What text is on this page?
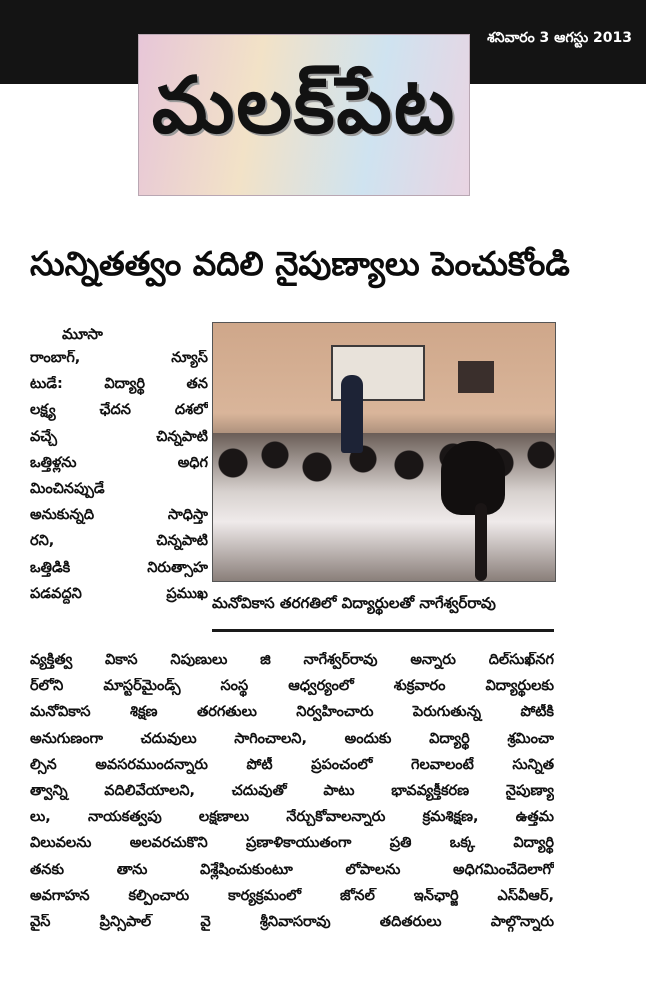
శనివారం 3 ఆగస్టు 2013
మలక్‌పేట
సున్నితత్వం వదిలి నైపుణ్యాలు పెంచుకోండి
మూసా
రాంబాగ్, న్యూస్
టుడే: విద్యార్థి తన
లక్ష్య ఛేదన దశలో
వచ్చే చిన్నపాటి
ఒత్తిళ్లను అధిగ
మించినప్పుడే
అనుకున్నది సాధిస్తా
రని, చిన్నపాటి
ఒత్తిడికి నిరుత్సాహ
పడవద్దని ప్రముఖ
మనోవికాస తరగతిలో విద్యార్థులతో నాగేశ్వర్‌రావు
వ్యక్తిత్వ వికాస నిపుణులు జి నాగేశ్వర్‌రావు అన్నారు దిల్‌సుఖ్‌నగ
ర్‌లోని మాస్టర్‌మైండ్స్ సంస్థ ఆధ్వర్యంలో శుక్రవారం విద్యార్థులకు
మనోవికాస శిక్షణ తరగతులు నిర్వహించారు పెరుగుతున్న పోటీకి
అనుగుణంగా చదువులు సాగించాలని, అందుకు విద్యార్థి శ్రమించా
ల్సిన అవసరముందన్నారు పోటీ ప్రపంచంలో గెలవాలంటే సున్నిత
త్వాన్ని వదిలివేయాలని, చదువుతో పాటు భావవ్యక్తీకరణ నైపుణ్యా
లు, నాయకత్వపు లక్షణాలు నేర్చుకోవాలన్నారు క్రమశిక్షణ, ఉత్తమ
విలువలను అలవరచుకొని ప్రణాళికాయుతంగా ప్రతి ఒక్క విద్యార్థి
తనకు తాను విశ్లేషించుకుంటూ లోపాలను అధిగమించేదెలాగో
అవగాహన కల్పించారు కార్యక్రమంలో జోనల్ ఇన్‌ఛార్జి ఎస్‌వీఆర్,
వైస్ ప్రిన్సిపాల్ వై శ్రీనివాసరావు తదితరులు పాల్గొన్నారు
